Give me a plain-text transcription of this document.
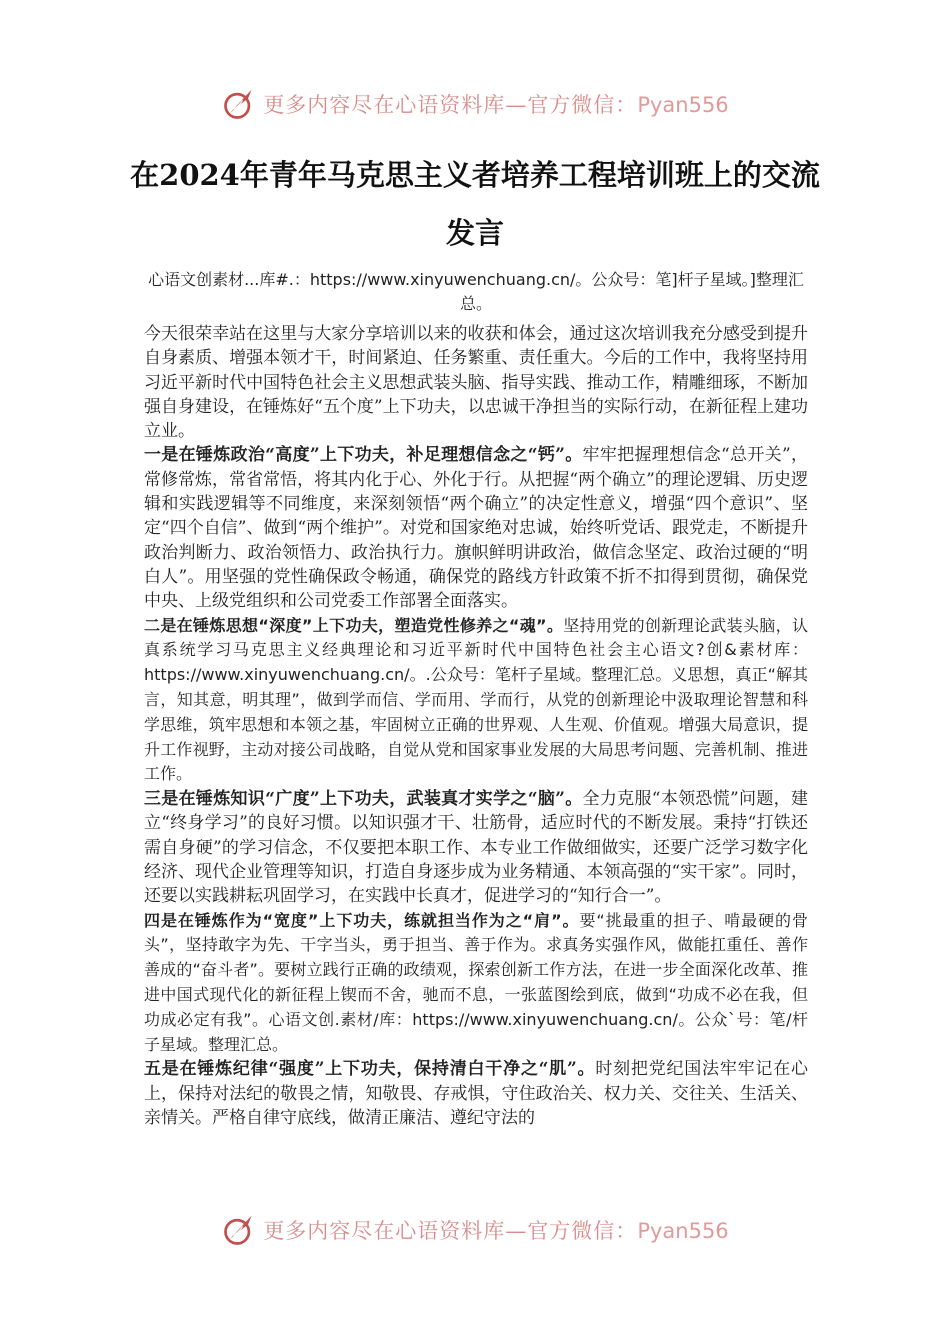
更多内容尽在心语资料库—官方微信：Pyan556
在2024年青年马克思主义者培养工程培训班上的交流发言

心语文创素材...库#.：https://www.xinyuwenchuang.cn/。公众号：笔]杆子星域。]整理汇总。

今天很荣幸站在这里与大家分享培训以来的收获和体会，通过这次培训我充分感受到提升自身素质、增强本领才干，时间紧迫、任务繁重、责任重大。今后的工作中，我将坚持用习近平新时代中国特色社会主义思想武装头脑、指导实践、推动工作，精雕细琢，不断加强自身建设，在锤炼好“五个度”上下功夫，以忠诚干净担当的实际行动，在新征程上建功立业。

一是在锤炼政治“高度”上下功夫，补足理想信念之“钙”。牢牢把握理想信念“总开关”，常修常炼，常省常悟，将其内化于心、外化于行。从把握“两个确立”的理论逻辑、历史逻辑和实践逻辑等不同维度，来深刻领悟“两个确立”的决定性意义，增强“四个意识”、坚定“四个自信”、做到“两个维护”。对党和国家绝对忠诚，始终听党话、跟党走，不断提升政治判断力、政治领悟力、政治执行力。旗帜鲜明讲政治，做信念坚定、政治过硬的“明白人”。用坚强的党性确保政令畅通，确保党的路线方针政策不折不扣得到贯彻，确保党中央、上级党组织和公司党委工作部署全面落实。

二是在锤炼思想“深度”上下功夫，塑造党性修养之“魂”。坚持用党的创新理论武装头脑，认真系统学习马克思主义经典理论和习近平新时代中国特色社会主心语文?创&素材库：https://www.xinyuwenchuang.cn/。.公众号：笔杆子星域。整理汇总。义思想，真正“解其言，知其意，明其理”，做到学而信、学而用、学而行，从党的创新理论中汲取理论智慧和科学思维，筑牢思想和本领之基，牢固树立正确的世界观、人生观、价值观。增强大局意识，提升工作视野，主动对接公司战略，自觉从党和国家事业发展的大局思考问题、完善机制、推进工作。

三是在锤炼知识“广度”上下功夫，武装真才实学之“脑”。全力克服“本领恐慌”问题，建立“终身学习”的良好习惯。以知识强才干、壮筋骨，适应时代的不断发展。秉持“打铁还需自身硬”的学习信念，不仅要把本职工作、本专业工作做细做实，还要广泛学习数字化经济、现代企业管理等知识，打造自身逐步成为业务精通、本领高强的“实干家”。同时，还要以实践耕耘巩固学习，在实践中长真才，促进学习的“知行合一”。

四是在锤炼作为“宽度”上下功夫，练就担当作为之“肩”。要“挑最重的担子、啃最硬的骨头”，坚持敢字为先、干字当头，勇于担当、善于作为。求真务实强作风，做能扛重任、善作善成的“奋斗者”。要树立践行正确的政绩观，探索创新工作方法，在进一步全面深化改革、推进中国式现代化的新征程上锲而不舍，驰而不息，一张蓝图绘到底，做到“功成不必在我，但功成必定有我”。心语文创.素材/库：https://www.xinyuwenchuang.cn/。公众`号：笔/杆子星域。整理汇总。

五是在锤炼纪律“强度”上下功夫，保持清白干净之“肌”。时刻把党纪国法牢牢记在心上，保持对法纪的敬畏之情，知敬畏、存戒惧，守住政治关、权力关、交往关、生活关、亲情关。严格自律守底线，做清正廉洁、遵纪守法的

更多内容尽在心语资料库—官方微信：Pyan556
